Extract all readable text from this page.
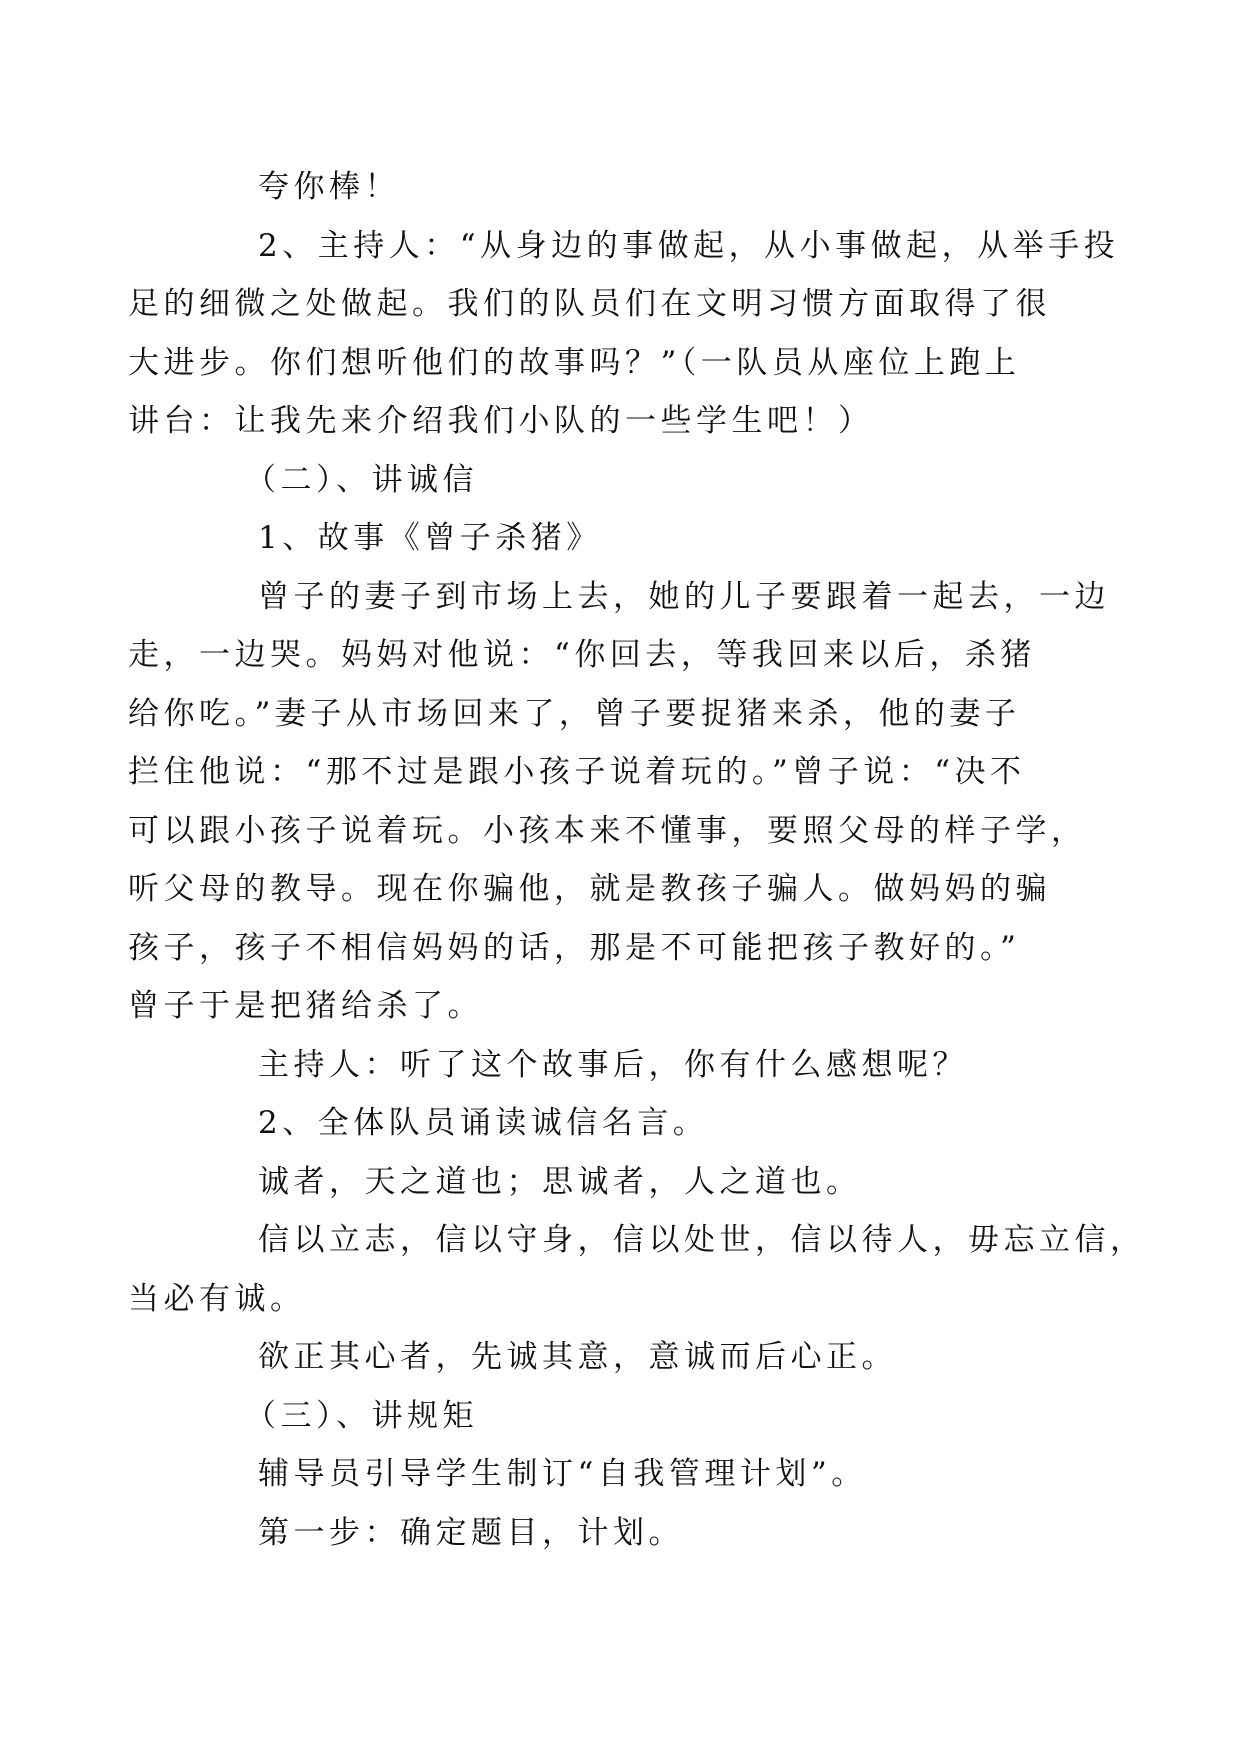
夸你棒！

2、主持人：“从身边的事做起，从小事做起，从举手投
足的细微之处做起。我们的队员们在文明习惯方面取得了很
大进步。你们想听他们的故事吗？”（一队员从座位上跑上
讲台：让我先来介绍我们小队的一些学生吧！）

（二）、讲诚信

1、故事《曾子杀猪》

曾子的妻子到市场上去，她的儿子要跟着一起去，一边
走，一边哭。妈妈对他说：“你回去，等我回来以后，杀猪
给你吃。”妻子从市场回来了，曾子要捉猪来杀，他的妻子
拦住他说：“那不过是跟小孩子说着玩的。”曾子说：“决不
可以跟小孩子说着玩。小孩本来不懂事，要照父母的样子学，
听父母的教导。现在你骗他，就是教孩子骗人。做妈妈的骗
孩子，孩子不相信妈妈的话，那是不可能把孩子教好的。”
曾子于是把猪给杀了。

主持人：听了这个故事后，你有什么感想呢？

2、全体队员诵读诚信名言。

诚者，天之道也；思诚者，人之道也。

信以立志，信以守身，信以处世，信以待人，毋忘立信，
当必有诚。

欲正其心者，先诚其意，意诚而后心正。

（三）、讲规矩

辅导员引导学生制订“自我管理计划”。

第一步：确定题目，计划。
